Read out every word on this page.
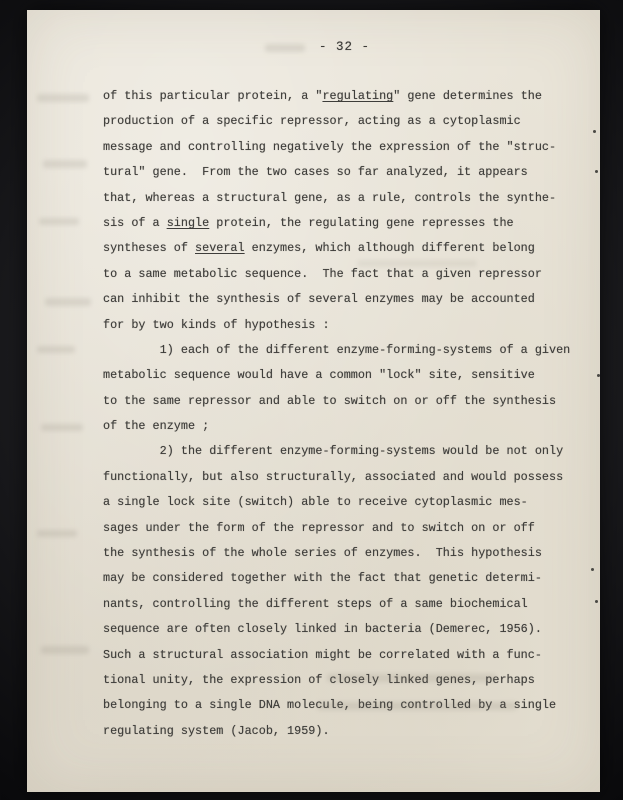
- 32 -
of this particular protein, a "regulating" gene determines the
production of a specific repressor, acting as a cytoplasmic
message and controlling negatively the expression of the "struc-
tural" gene.  From the two cases so far analyzed, it appears
that, whereas a structural gene, as a rule, controls the synthe-
sis of a single protein, the regulating gene represses the
syntheses of several enzymes, which although different belong
to a same metabolic sequence.  The fact that a given repressor
can inhibit the synthesis of several enzymes may be accounted
for by two kinds of hypothesis :
1) each of the different enzyme-forming-systems of a given
metabolic sequence would have a common "lock" site, sensitive
to the same repressor and able to switch on or off the synthesis
of the enzyme ;
2) the different enzyme-forming-systems would be not only
functionally, but also structurally, associated and would possess
a single lock site (switch) able to receive cytoplasmic mes-
sages under the form of the repressor and to switch on or off
the synthesis of the whole series of enzymes.  This hypothesis
may be considered together with the fact that genetic determi-
nants, controlling the different steps of a same biochemical
sequence are often closely linked in bacteria (Demerec, 1956).
Such a structural association might be correlated with a func-
tional unity, the expression of closely linked genes, perhaps
belonging to a single DNA molecule, being controlled by a single
regulating system (Jacob, 1959).
